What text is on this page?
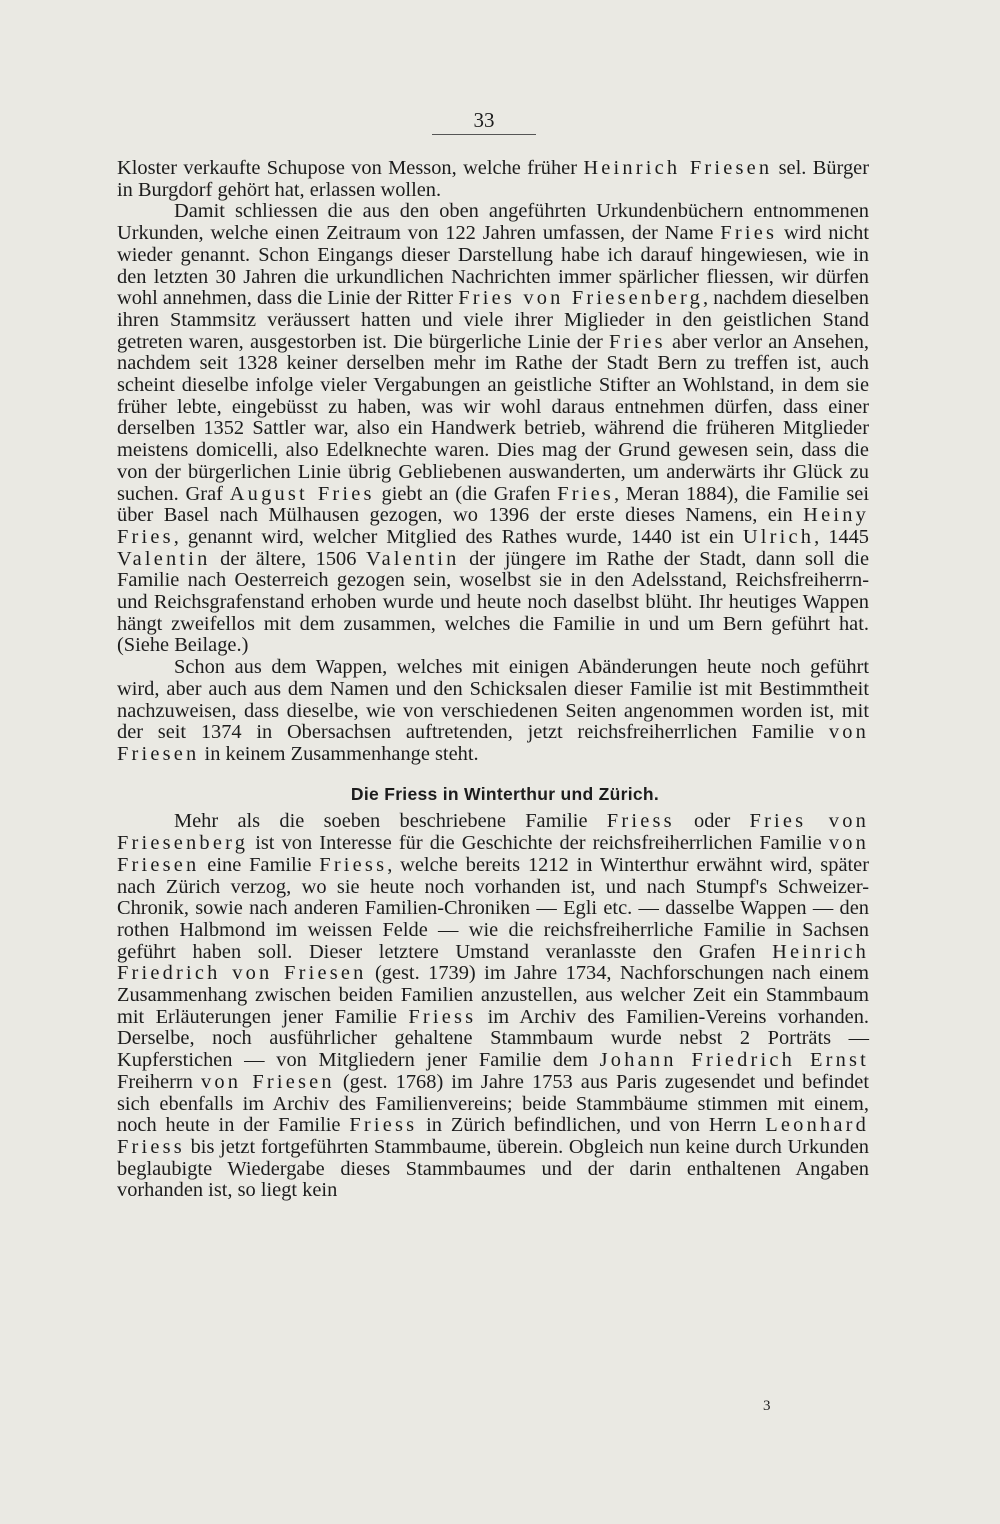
33

Kloster verkaufte Schupose von Messon, welche früher Heinrich Friesen sel. Bürger in Burgdorf gehört hat, erlassen wollen.

Damit schliessen die aus den oben angeführten Urkundenbüchern entnommenen Urkunden, welche einen Zeitraum von 122 Jahren umfassen, der Name Fries wird nicht wieder genannt. Schon Eingangs dieser Darstellung habe ich darauf hingewiesen, wie in den letzten 30 Jahren die urkundlichen Nachrichten immer spärlicher fliessen, wir dürfen wohl annehmen, dass die Linie der Ritter Fries von Friesenberg, nachdem dieselben ihren Stammsitz veräussert hatten und viele ihrer Miglieder in den geistlichen Stand getreten waren, ausgestorben ist. Die bürgerliche Linie der Fries aber verlor an Ansehen, nachdem seit 1328 keiner derselben mehr im Rathe der Stadt Bern zu treffen ist, auch scheint dieselbe infolge vieler Vergabungen an geistliche Stifter an Wohlstand, in dem sie früher lebte, eingebüsst zu haben, was wir wohl daraus entnehmen dürfen, dass einer derselben 1352 Sattler war, also ein Handwerk betrieb, während die früheren Mitglieder meistens domicelli, also Edelknechte waren. Dies mag der Grund gewesen sein, dass die von der bürgerlichen Linie übrig Gebliebenen auswanderten, um anderwärts ihr Glück zu suchen. Graf August Fries giebt an (die Grafen Fries, Meran 1884), die Familie sei über Basel nach Mülhausen gezogen, wo 1396 der erste dieses Namens, ein Heiny Fries, genannt wird, welcher Mitglied des Rathes wurde, 1440 ist ein Ulrich, 1445 Valentin der ältere, 1506 Valentin der jüngere im Rathe der Stadt, dann soll die Familie nach Oesterreich gezogen sein, woselbst sie in den Adelsstand, Reichsfreiherrn- und Reichsgrafenstand erhoben wurde und heute noch daselbst blüht. Ihr heutiges Wappen hängt zweifellos mit dem zusammen, welches die Familie in und um Bern geführt hat. (Siehe Beilage.)

Schon aus dem Wappen, welches mit einigen Abänderungen heute noch geführt wird, aber auch aus dem Namen und den Schicksalen dieser Familie ist mit Bestimmtheit nachzuweisen, dass dieselbe, wie von verschiedenen Seiten angenommen worden ist, mit der seit 1374 in Obersachsen auftretenden, jetzt reichsfreiherrlichen Familie von Friesen in keinem Zusammenhange steht.

Die Friess in Winterthur und Zürich.

Mehr als die soeben beschriebene Familie Friess oder Fries von Friesenberg ist von Interesse für die Geschichte der reichsfreiherrlichen Familie von Friesen eine Familie Friess, welche bereits 1212 in Winterthur erwähnt wird, später nach Zürich verzog, wo sie heute noch vorhanden ist, und nach Stumpf's Schweizer-Chronik, sowie nach anderen Familien-Chroniken — Egli etc. — dasselbe Wappen — den rothen Halbmond im weissen Felde — wie die reichsfreiherrliche Familie in Sachsen geführt haben soll. Dieser letztere Umstand veranlasste den Grafen Heinrich Friedrich von Friesen (gest. 1739) im Jahre 1734, Nachforschungen nach einem Zusammenhang zwischen beiden Familien anzustellen, aus welcher Zeit ein Stammbaum mit Erläuterungen jener Familie Friess im Archiv des Familien-Vereins vorhanden. Derselbe, noch ausführlicher gehaltene Stammbaum wurde nebst 2 Porträts — Kupferstichen — von Mitgliedern jener Familie dem Johann Friedrich Ernst Freiherrn von Friesen (gest. 1768) im Jahre 1753 aus Paris zugesendet und befindet sich ebenfalls im Archiv des Familienvereins; beide Stammbäume stimmen mit einem, noch heute in der Familie Friess in Zürich befindlichen, und von Herrn Leonhard Friess bis jetzt fortgeführten Stammbaume, überein. Obgleich nun keine durch Urkunden beglaubigte Wiedergabe dieses Stammbaumes und der darin enthaltenen Angaben vorhanden ist, so liegt kein

3
